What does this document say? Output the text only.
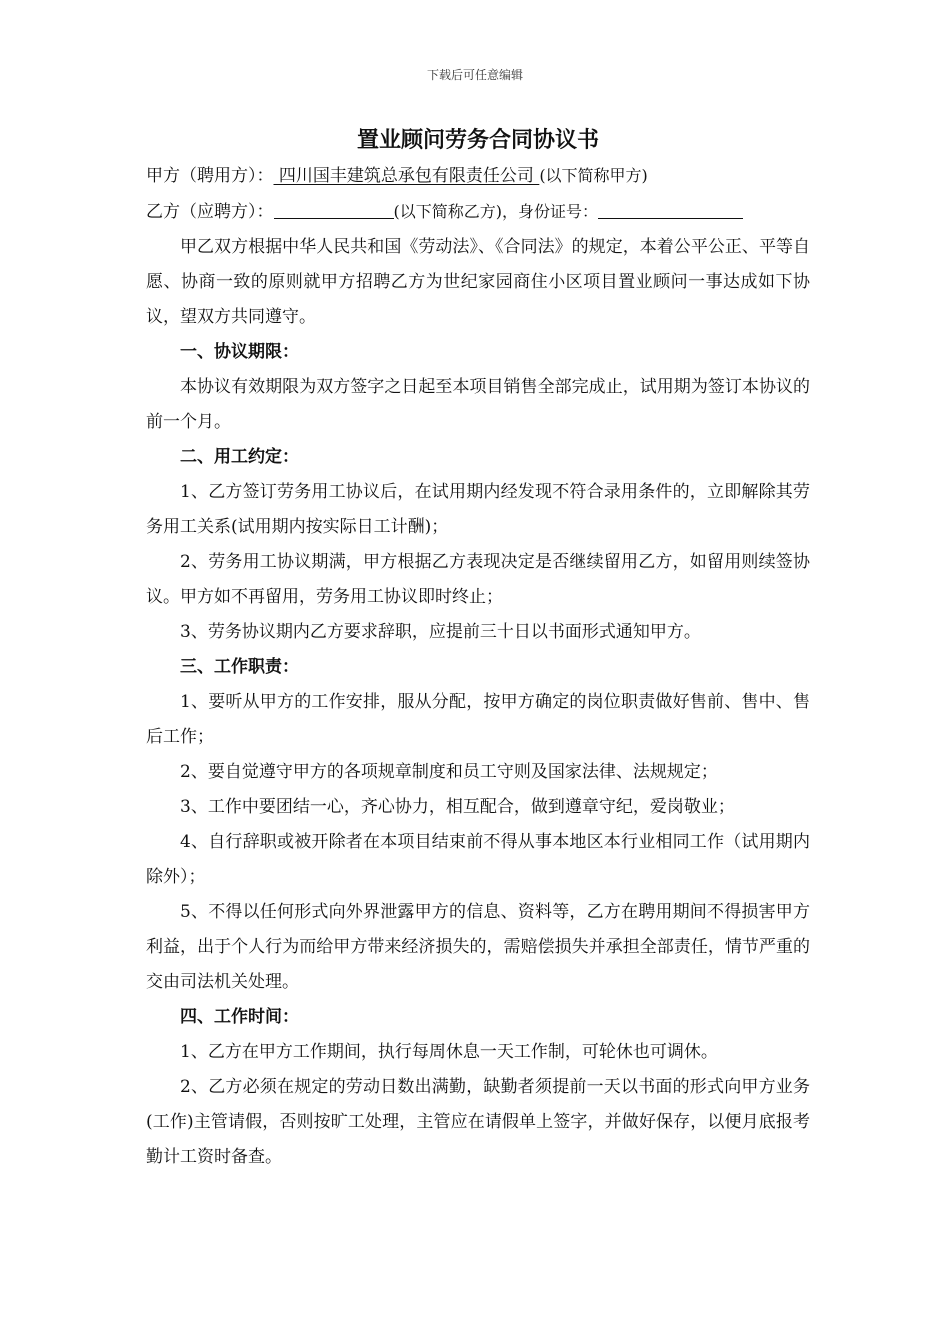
下载后可任意编辑
置业顾问劳务合同协议书

甲方（聘用方）： 四川国丰建筑总承包有限责任公司 (以下简称甲方)

乙方（应聘方）：	(以下简称乙方)，身份证号：

甲乙双方根据中华人民共和国《劳动法》、《合同法》的规定，本着公平公正、平等自愿、协商一致的原则就甲方招聘乙方为世纪家园商住小区项目置业顾问一事达成如下协议，望双方共同遵守。

一、协议期限：

本协议有效期限为双方签字之日起至本项目销售全部完成止，试用期为签订本协议的前一个月。

二、用工约定：

1、乙方签订劳务用工协议后，在试用期内经发现不符合录用条件的，立即解除其劳务用工关系(试用期内按实际日工计酬)；

2、劳务用工协议期满，甲方根据乙方表现决定是否继续留用乙方，如留用则续签协议。甲方如不再留用，劳务用工协议即时终止；

3、劳务协议期内乙方要求辞职，应提前三十日以书面形式通知甲方。

三、工作职责：

1、要听从甲方的工作安排，服从分配，按甲方确定的岗位职责做好售前、售中、售后工作；

2、要自觉遵守甲方的各项规章制度和员工守则及国家法律、法规规定；

3、工作中要团结一心，齐心协力，相互配合，做到遵章守纪，爱岗敬业；

4、自行辞职或被开除者在本项目结束前不得从事本地区本行业相同工作（试用期内除外）；

5、不得以任何形式向外界泄露甲方的信息、资料等，乙方在聘用期间不得损害甲方利益，出于个人行为而给甲方带来经济损失的，需赔偿损失并承担全部责任，情节严重的交由司法机关处理。

四、工作时间：

1、乙方在甲方工作期间，执行每周休息一天工作制，可轮休也可调休。

2、乙方必须在规定的劳动日数出满勤，缺勤者须提前一天以书面的形式向甲方业务(工作)主管请假，否则按旷工处理，主管应在请假单上签字，并做好保存，以便月底报考勤计工资时备查。
